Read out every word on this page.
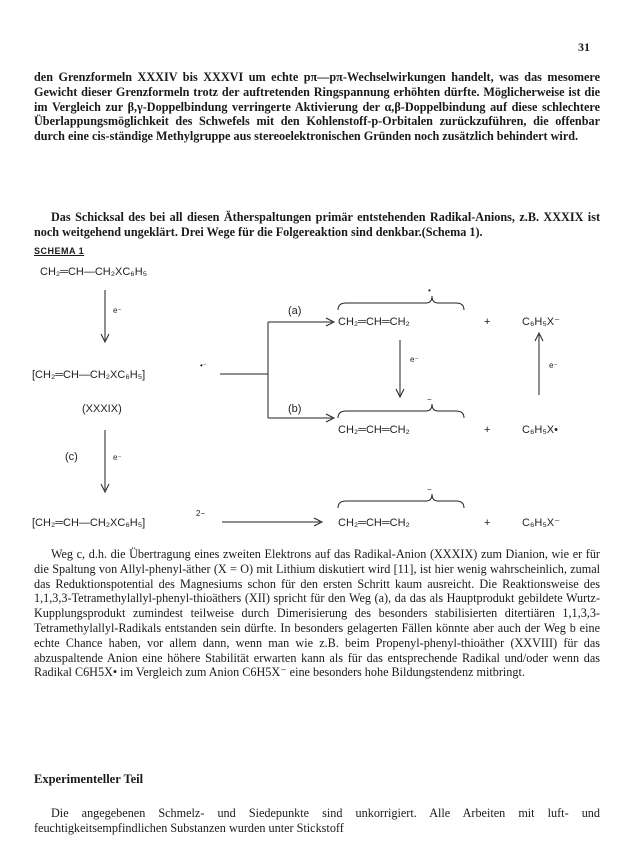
31

den Grenzformeln XXXIV bis XXXVI um echte pπ—pπ-Wechselwirkungen handelt, was das mesomere Gewicht dieser Grenzformeln trotz der auftretenden Ringspannung erhöhten dürfte. Möglicherweise ist die im Vergleich zur β,γ-Doppelbindung verringerte Aktivierung der α,β-Doppelbindung auf diese schlechtere Überlappungsmöglichkeit des Schwefels mit den Kohlenstoff-p-Orbitalen zurückzuführen, die offenbar durch eine cis-ständige Methylgruppe aus stereoelektronischen Gründen noch zusätzlich behindert wird.

Das Schicksal des bei all diesen Ätherspaltungen primär entstehenden Radikal-Anions, z.B. XXXIX ist noch weitgehend ungeklärt. Drei Wege für die Folgereaktion sind denkbar.(Schema 1).

SCHEMA 1
CH₂═CH—CH₂XC₆H₅
e⁻
[CH₂═CH—CH₂XC₆H₅]
•⁻
(XXXIX)
(a)
(b)
•
CH₂═CH═CH₂	+	C₆H₅X⁻
e⁻
e⁻
−
CH₂═CH═CH₂	+	C₆H₅X•
(c)	e⁻
[CH₂═CH—CH₂XC₆H₅]
2−
−
CH₂═CH═CH₂	+	C₆H₅X⁻

Weg c, d.h. die Übertragung eines zweiten Elektrons auf das Radikal-Anion (XXXIX) zum Dianion, wie er für die Spaltung von Allyl-phenyl-äther (X = O) mit Lithium diskutiert wird [11], ist hier wenig wahrscheinlich, zumal das Reduktionspotential des Magnesiums schon für den ersten Schritt kaum ausreicht. Die Reaktionsweise des 1,1,3,3-Tetramethylallyl-phenyl-thioäthers (XII) spricht für den Weg (a), da das als Hauptprodukt gebildete Wurtz-Kupplungsprodukt zumindest teilweise durch Dimerisierung des besonders stabilisierten ditertiären 1,1,3,3-Tetramethylallyl-Radikals entstanden sein dürfte. In besonders gelagerten Fällen könnte aber auch der Weg b eine echte Chance haben, vor allem dann, wenn man wie z.B. beim Propenyl-phenyl-thioäther (XXVIII) für das abzuspaltende Anion eine höhere Stabilität erwarten kann als für das entsprechende Radikal und/oder wenn das Radikal C6H5X• im Vergleich zum Anion C6H5X⁻ eine besonders hohe Bildungstendenz mitbringt.

Experimenteller Teil

Die angegebenen Schmelz- und Siedepunkte sind unkorrigiert. Alle Arbeiten mit luft- und feuchtigkeitsempfindlichen Substanzen wurden unter Stickstoff
